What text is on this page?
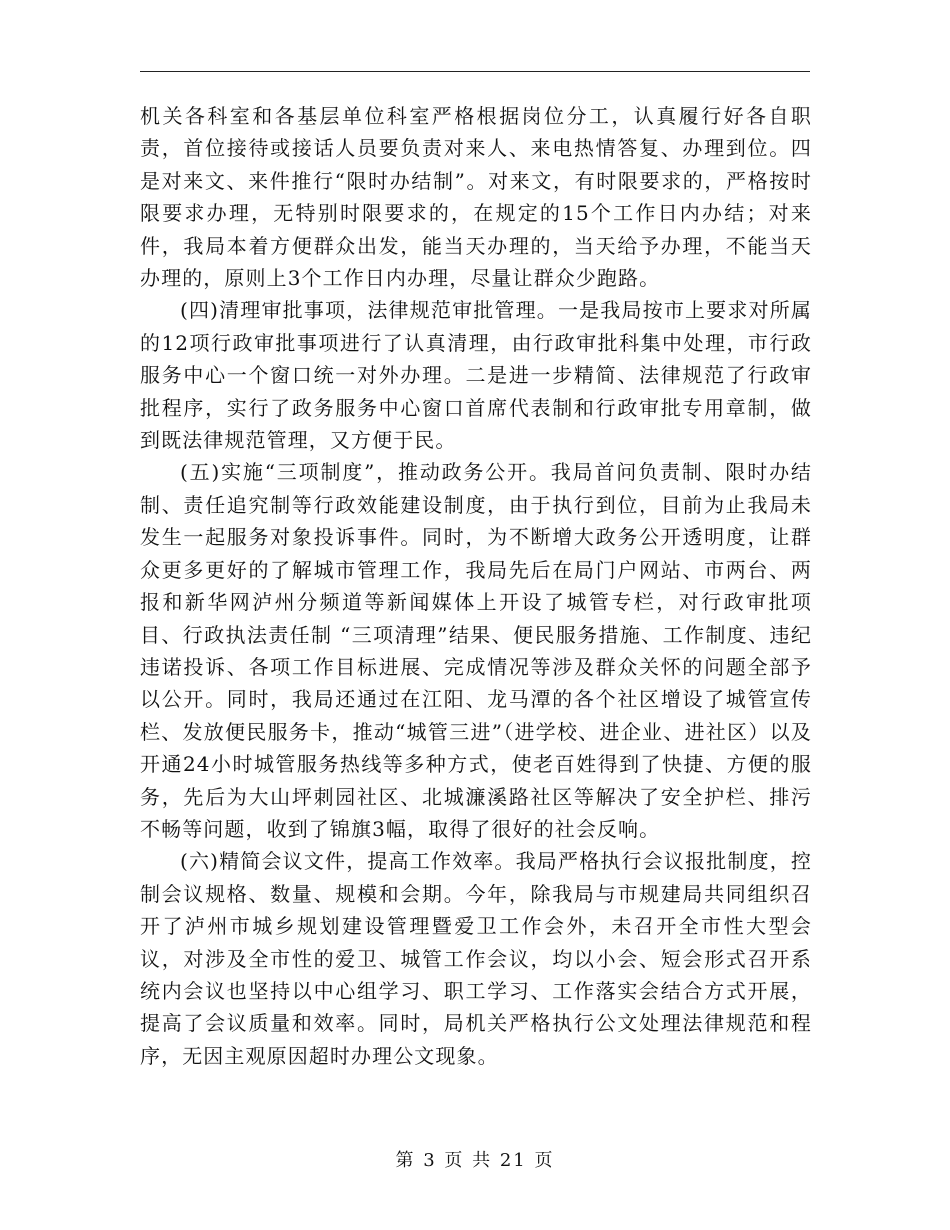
机关各科室和各基层单位科室严格根据岗位分工，认真履行好各自职责，首位接待或接话人员要负责对来人、来电热情答复、办理到位。四是对来文、来件推行“限时办结制”。对来文，有时限要求的，严格按时限要求办理，无特别时限要求的，在规定的15个工作日内办结；对来件，我局本着方便群众出发，能当天办理的，当天给予办理，不能当天办理的，原则上3个工作日内办理，尽量让群众少跑路。

(四)清理审批事项，法律规范审批管理。一是我局按市上要求对所属的12项行政审批事项进行了认真清理，由行政审批科集中处理，市行政服务中心一个窗口统一对外办理。二是进一步精简、法律规范了行政审批程序，实行了政务服务中心窗口首席代表制和行政审批专用章制，做到既法律规范管理，又方便于民。

(五)实施“三项制度”，推动政务公开。我局首问负责制、限时办结制、责任追究制等行政效能建设制度，由于执行到位，目前为止我局未发生一起服务对象投诉事件。同时，为不断增大政务公开透明度，让群众更多更好的了解城市管理工作，我局先后在局门户网站、市两台、两报和新华网泸州分频道等新闻媒体上开设了城管专栏，对行政审批项目、行政执法责任制 “三项清理”结果、便民服务措施、工作制度、违纪违诺投诉、各项工作目标进展、完成情况等涉及群众关怀的问题全部予以公开。同时，我局还通过在江阳、龙马潭的各个社区增设了城管宣传栏、发放便民服务卡，推动“城管三进”（进学校、进企业、进社区）以及开通24小时城管服务热线等多种方式，使老百姓得到了快捷、方便的服务，先后为大山坪刺园社区、北城濂溪路社区等解决了安全护栏、排污不畅等问题，收到了锦旗3幅，取得了很好的社会反响。

(六)精简会议文件，提高工作效率。我局严格执行会议报批制度，控制会议规格、数量、规模和会期。今年，除我局与市规建局共同组织召开了泸州市城乡规划建设管理暨爱卫工作会外，未召开全市性大型会议，对涉及全市性的爱卫、城管工作会议，均以小会、短会形式召开系统内会议也坚持以中心组学习、职工学习、工作落实会结合方式开展，提高了会议质量和效率。同时，局机关严格执行公文处理法律规范和程序，无因主观原因超时办理公文现象。

第 3 页 共 21 页
